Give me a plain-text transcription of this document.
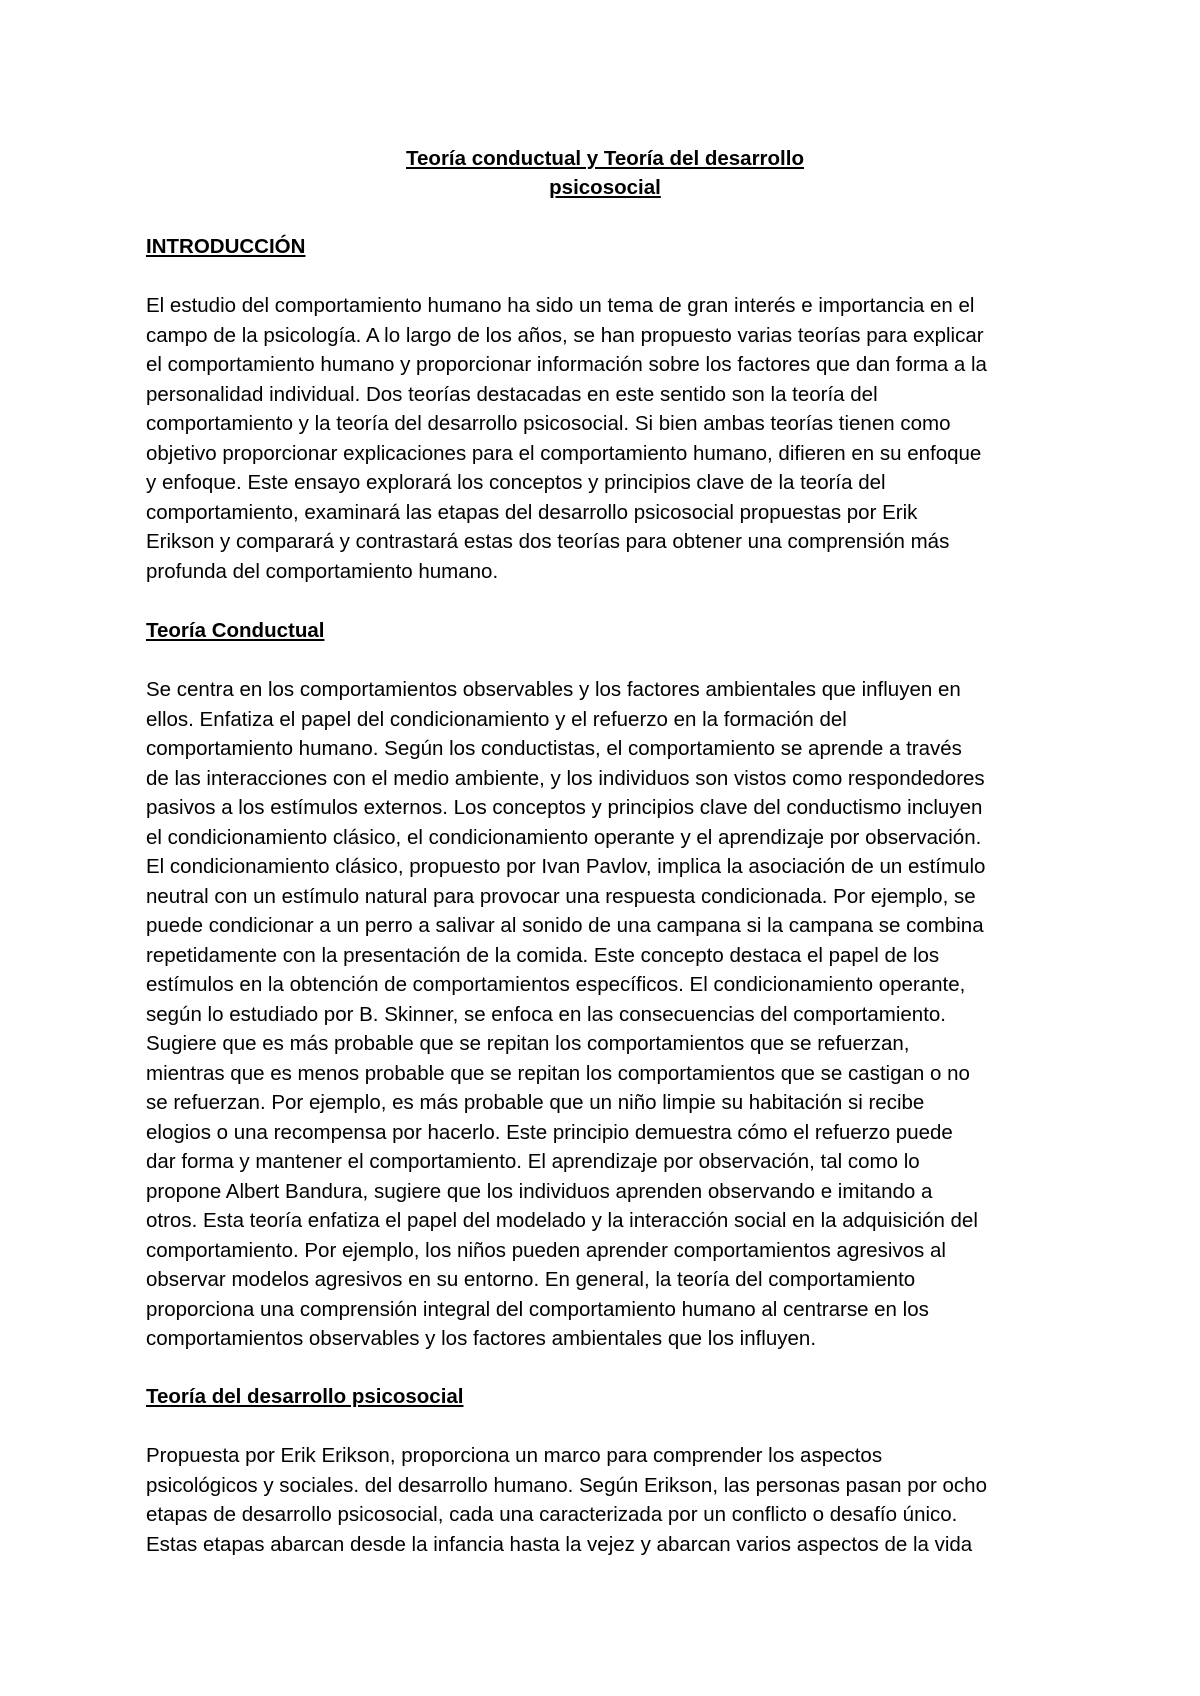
Teoría conductual y Teoría del desarrollo
psicosocial
INTRODUCCIÓN
El estudio del comportamiento humano ha sido un tema de gran interés e importancia en el
campo de la psicología. A lo largo de los años, se han propuesto varias teorías para explicar
el comportamiento humano y proporcionar información sobre los factores que dan forma a la
personalidad individual. Dos teorías destacadas en este sentido son la teoría del
comportamiento y la teoría del desarrollo psicosocial. Si bien ambas teorías tienen como
objetivo proporcionar explicaciones para el comportamiento humano, difieren en su enfoque
y enfoque. Este ensayo explorará los conceptos y principios clave de la teoría del
comportamiento, examinará las etapas del desarrollo psicosocial propuestas por Erik
Erikson y comparará y contrastará estas dos teorías para obtener una comprensión más
profunda del comportamiento humano.
Teoría Conductual
Se centra en los comportamientos observables y los factores ambientales que influyen en
ellos. Enfatiza el papel del condicionamiento y el refuerzo en la formación del
comportamiento humano. Según los conductistas, el comportamiento se aprende a través
de las interacciones con el medio ambiente, y los individuos son vistos como respondedores
pasivos a los estímulos externos. Los conceptos y principios clave del conductismo incluyen
el condicionamiento clásico, el condicionamiento operante y el aprendizaje por observación.
El condicionamiento clásico, propuesto por Ivan Pavlov, implica la asociación de un estímulo
neutral con un estímulo natural para provocar una respuesta condicionada. Por ejemplo, se
puede condicionar a un perro a salivar al sonido de una campana si la campana se combina
repetidamente con la presentación de la comida. Este concepto destaca el papel de los
estímulos en la obtención de comportamientos específicos. El condicionamiento operante,
según lo estudiado por B. Skinner, se enfoca en las consecuencias del comportamiento.
Sugiere que es más probable que se repitan los comportamientos que se refuerzan,
mientras que es menos probable que se repitan los comportamientos que se castigan o no
se refuerzan. Por ejemplo, es más probable que un niño limpie su habitación si recibe
elogios o una recompensa por hacerlo. Este principio demuestra cómo el refuerzo puede
dar forma y mantener el comportamiento. El aprendizaje por observación, tal como lo
propone Albert Bandura, sugiere que los individuos aprenden observando e imitando a
otros. Esta teoría enfatiza el papel del modelado y la interacción social en la adquisición del
comportamiento. Por ejemplo, los niños pueden aprender comportamientos agresivos al
observar modelos agresivos en su entorno. En general, la teoría del comportamiento
proporciona una comprensión integral del comportamiento humano al centrarse en los
comportamientos observables y los factores ambientales que los influyen.
Teoría del desarrollo psicosocial
Propuesta por Erik Erikson, proporciona un marco para comprender los aspectos
psicológicos y sociales. del desarrollo humano. Según Erikson, las personas pasan por ocho
etapas de desarrollo psicosocial, cada una caracterizada por un conflicto o desafío único.
Estas etapas abarcan desde la infancia hasta la vejez y abarcan varios aspectos de la vida
